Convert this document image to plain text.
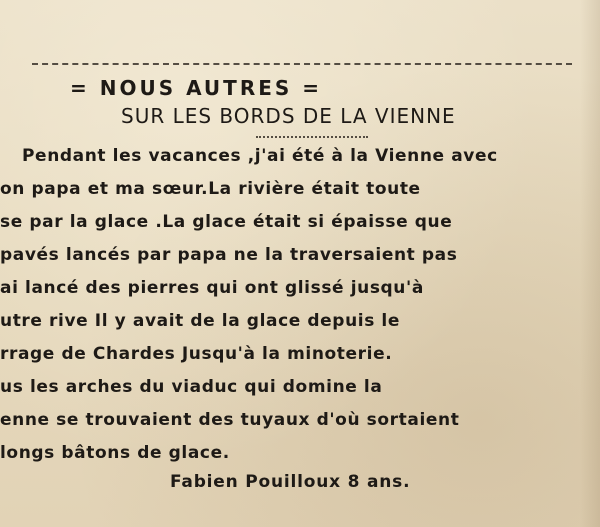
= NOUS AUTRES =
SUR LES BORDS DE LA VIENNE
Pendant les vacances ,j'ai été à la Vienne avec
on papa et ma sœur.La rivière était toute
se par la glace .La glace était si épaisse que
pavés lancés par papa ne la traversaient pas
ai lancé des pierres qui ont glissé jusqu'à
utre rive Il y avait de la glace depuis le
rrage de Chardes Jusqu'à la minoterie.
us les arches du viaduc qui domine la
enne se trouvaient des tuyaux d'où sortaient
longs bâtons de glace.
Fabien Pouilloux 8 ans.
